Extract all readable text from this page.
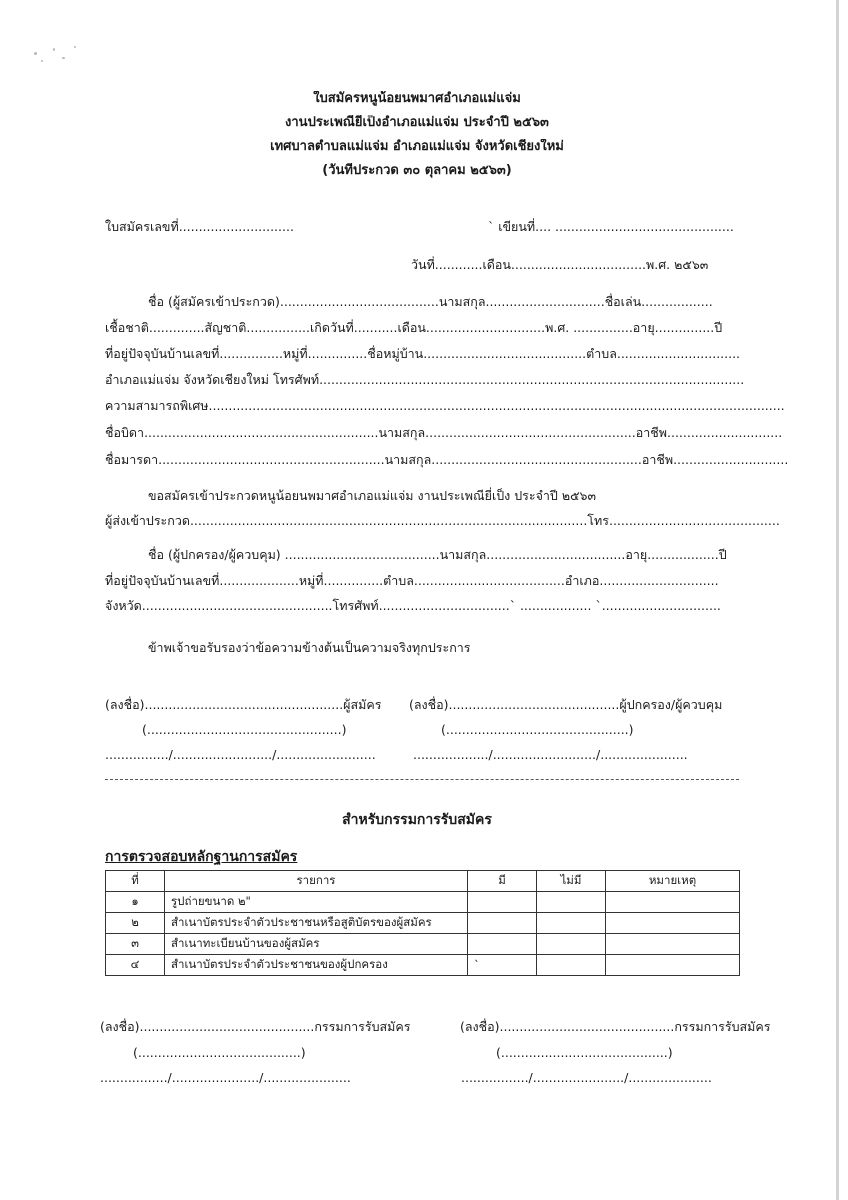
ใบสมัครหนูน้อยนพมาศอำเภอแม่แจ่ม
งานประเพณียี่เป็งอำเภอแม่แจ่ม ประจำปี ๒๕๖๓
เทศบาลตำบลแม่แจ่ม อำเภอแม่แจ่ม จังหวัดเชียงใหม่
(วันที่ประกวด ๓๐ ตุลาคม ๒๕๖๓)
ใบสมัครเลขที่.............................	` เขียนที่.... .............................................
วันที่............เดือน..................................พ.ศ. ๒๕๖๓
ชื่อ (ผู้สมัครเข้าประกวด)........................................นามสกุล..............................ชื่อเล่น..................
เชื้อชาติ..............สัญชาติ................เกิดวันที่...........เดือน..............................พ.ศ. ...............อายุ...............ปี
ที่อยู่ปัจจุบันบ้านเลขที่................หมู่ที่...............ชื่อหมู่บ้าน.........................................ตำบล...............................
อำเภอแม่แจ่ม จังหวัดเชียงใหม่ โทรศัพท์...........................................................................................................
ความสามารถพิเศษ.................................................................................................................................................
ชื่อบิดา...........................................................นามสกุล.....................................................อาชีพ.............................
ชื่อมารดา.........................................................นามสกุล.....................................................อาชีพ.............................
ขอสมัครเข้าประกวดหนูน้อยนพมาศอำเภอแม่แจ่ม งานประเพณียี่เป็ง ประจำปี ๒๕๖๓
ผู้ส่งเข้าประกวด....................................................................................................โทร...........................................
ชื่อ (ผู้ปกครอง/ผู้ควบคุม) .......................................นามสกุล...................................อายุ..................ปี
ที่อยู่ปัจจุบันบ้านเลขที่....................หมู่ที่...............ตำบล......................................อำเภอ..............................
จังหวัด................................................โทรศัพท์.................................` .................. `..............................
ข้าพเจ้าขอรับรองว่าข้อความข้างต้นเป็นความจริงทุกประการ
(ลงชื่อ)..................................................ผู้สมัคร
(.................................................)
................/........................./.........................
(ลงชื่อ)...........................................ผู้ปกครอง/ผู้ควบคุม
(..............................................)
.................../........................../......................
สำหรับกรรมการรับสมัคร
การตรวจสอบหลักฐานการสมัคร
ที่	รายการ	มี	ไม่มี	หมายเหตุ
๑	รูปถ่ายขนาด ๒"			
๒	สำเนาบัตรประจำตัวประชาชนหรือสูติบัตรของผู้สมัคร			
๓	สำเนาทะเบียนบ้านของผู้สมัคร			
๔	สำเนาบัตรประจำตัวประชาชนของผู้ปกครอง	`		
(ลงชื่อ)............................................กรรมการรับสมัคร
(.........................................)
................./....................../......................
(ลงชื่อ)............................................กรรมการรับสมัคร
(..........................................)
................./......................./.....................
